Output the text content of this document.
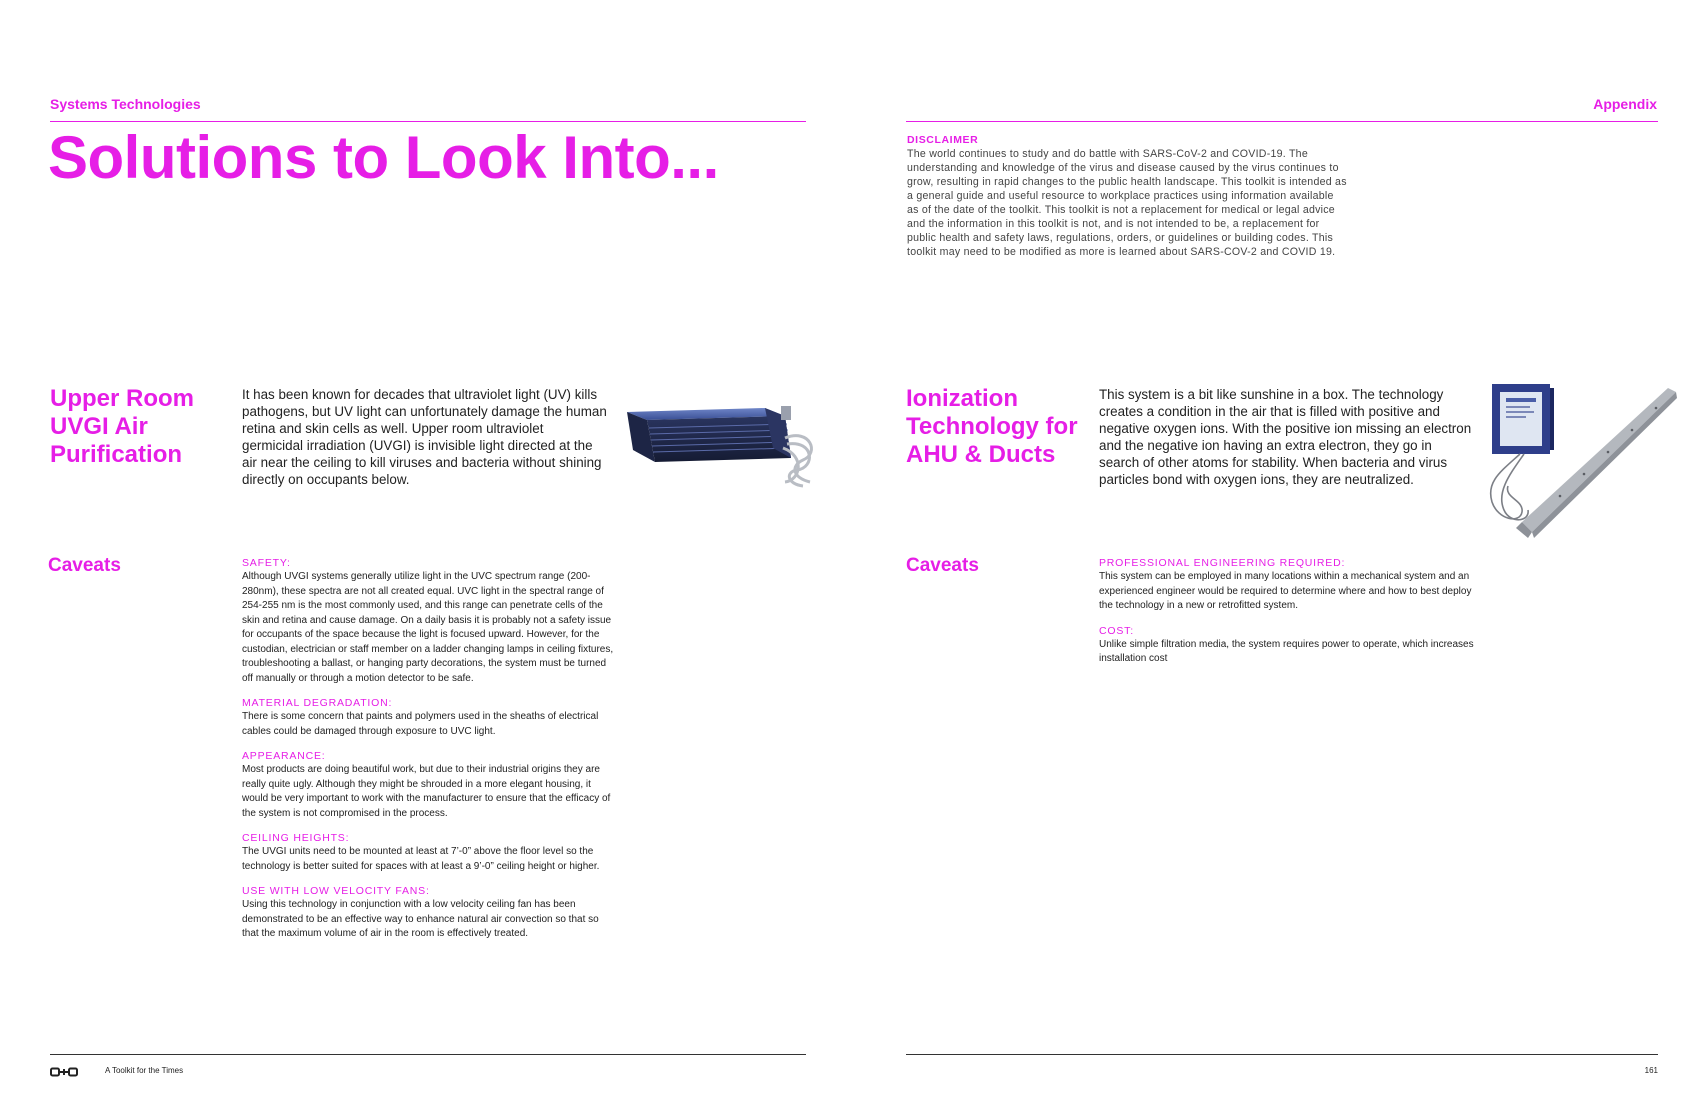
Systems Technologies
Solutions to Look Into...
Upper Room
UVGI Air
Purification
It has been known for decades that ultraviolet light (UV) kills pathogens, but UV light can unfortunately damage the human retina and skin cells as well. Upper room ultraviolet germicidal irradiation (UVGI) is invisible light directed at the air near the ceiling to kill viruses and bacteria without shining directly on occupants below.
Caveats	SAFETY:

Although UVGI systems generally utilize light in the UVC spectrum range (200-280nm), these spectra are not all created equal. UVC light in the spectral range of 254-255 nm is the most commonly used, and this range can penetrate cells of the skin and retina and cause damage. On a daily basis it is probably not a safety issue for occupants of the space because the light is focused upward. However, for the custodian, electrician or staff member on a ladder changing lamps in ceiling fixtures, troubleshooting a ballast, or hanging party decorations, the system must be turned off manually or through a motion detector to be safe.

MATERIAL DEGRADATION:

There is some concern that paints and polymers used in the sheaths of electrical cables could be damaged through exposure to UVC light.

APPEARANCE:

Most products are doing beautiful work, but due to their industrial origins they are really quite ugly. Although they might be shrouded in a more elegant housing, it would be very important to work with the manufacturer to ensure that the efficacy of the system is not compromised in the process.

CEILING HEIGHTS:

The UVGI units need to be mounted at least at 7’-0” above the floor level so the technology is better suited for spaces with at least a 9’-0” ceiling height or higher.

USE WITH LOW VELOCITY FANS:

Using this technology in conjunction with a low velocity ceiling fan has been demonstrated to be an effective way to enhance natural air convection so that so that the maximum volume of air in the room is effectively treated.

A Toolkit for the Times
Appendix
DISCLAIMER
The world continues to study and do battle with SARS-CoV-2 and COVID-19. The understanding and knowledge of the virus and disease caused by the virus continues to grow, resulting in rapid changes to the public health landscape. This toolkit is intended as a general guide and useful resource to workplace practices using information available as of the date of the toolkit. This toolkit is not a replacement for medical or legal advice and the information in this toolkit is not, and is not intended to be, a replacement for public health and safety laws, regulations, orders, or guidelines or building codes. This toolkit may need to be modified as more is learned about SARS-COV-2 and COVID 19.
Ionization
Technology for
AHU & Ducts
This system is a bit like sunshine in a box. The technology creates a condition in the air that is filled with positive and negative oxygen ions. With the positive ion missing an electron and the negative ion having an extra electron, they go in search of other atoms for stability. When bacteria and virus particles bond with oxygen ions, they are neutralized.
Caveats	PROFESSIONAL ENGINEERING REQUIRED:

This system can be employed in many locations within a mechanical system and an experienced engineer would be required to determine where and how to best deploy the technology in a new or retrofitted system.

COST:

Unlike simple filtration media, the system requires power to operate, which increases installation cost

161
